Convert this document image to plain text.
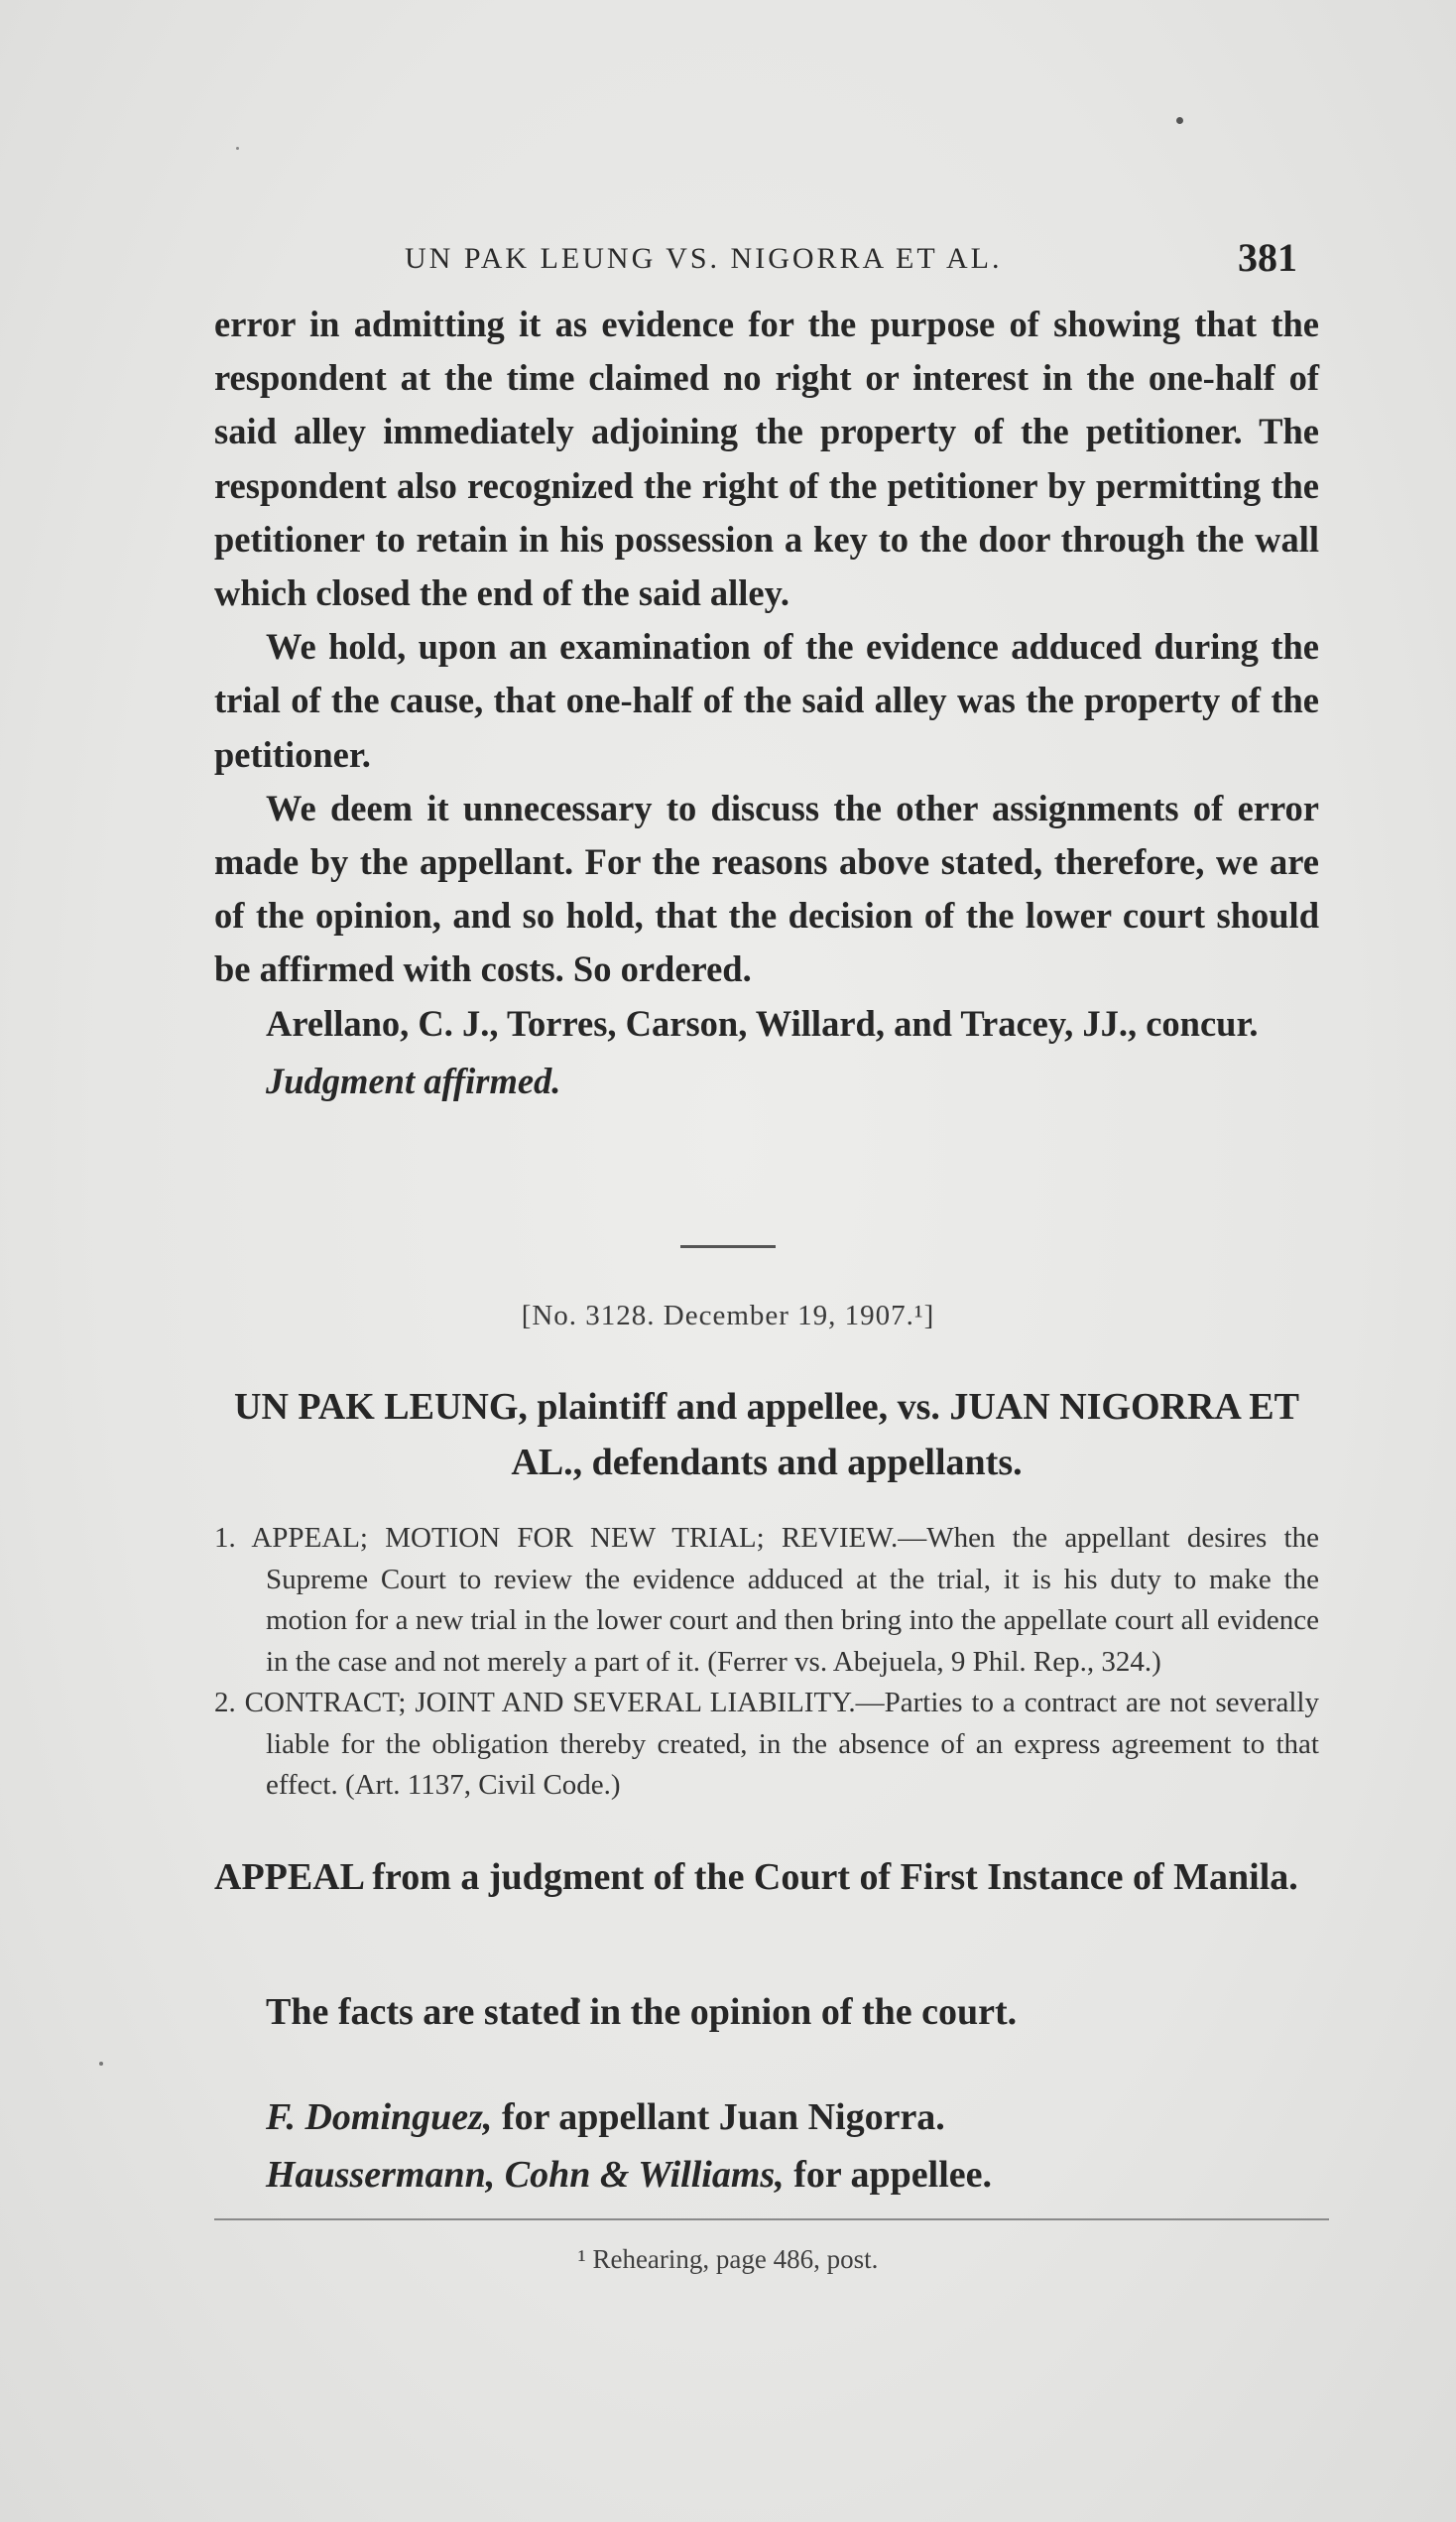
UN PAK LEUNG VS. NIGORRA ET AL.	381

error in admitting it as evidence for the purpose of showing that the respondent at the time claimed no right or interest in the one-half of said alley immediately adjoining the property of the petitioner. The respondent also recognized the right of the petitioner by permitting the petitioner to retain in his possession a key to the door through the wall which closed the end of the said alley.

We hold, upon an examination of the evidence adduced during the trial of the cause, that one-half of the said alley was the property of the petitioner.

We deem it unnecessary to discuss the other assignments of error made by the appellant. For the reasons above stated, therefore, we are of the opinion, and so hold, that the decision of the lower court should be affirmed with costs. So ordered.

Arellano, C. J., Torres, Carson, Willard, and Tracey, JJ., concur.

Judgment affirmed.

[No. 3128. December 19, 1907.¹]
UN PAK LEUNG, plaintiff and appellee, vs. JUAN NIGORRA ET AL., defendants and appellants.

1. APPEAL; MOTION FOR NEW TRIAL; REVIEW.—When the appellant desires the Supreme Court to review the evidence adduced at the trial, it is his duty to make the motion for a new trial in the lower court and then bring into the appellate court all evidence in the case and not merely a part of it. (Ferrer vs. Abejuela, 9 Phil. Rep., 324.)

2. CONTRACT; JOINT AND SEVERAL LIABILITY.—Parties to a contract are not severally liable for the obligation thereby created, in the absence of an express agreement to that effect. (Art. 1137, Civil Code.)

APPEAL from a judgment of the Court of First Instance of Manila.

The facts are stated in the opinion of the court.

F. Dominguez, for appellant Juan Nigorra.

Haussermann, Cohn & Williams, for appellee.

¹ Rehearing, page 486, post.
